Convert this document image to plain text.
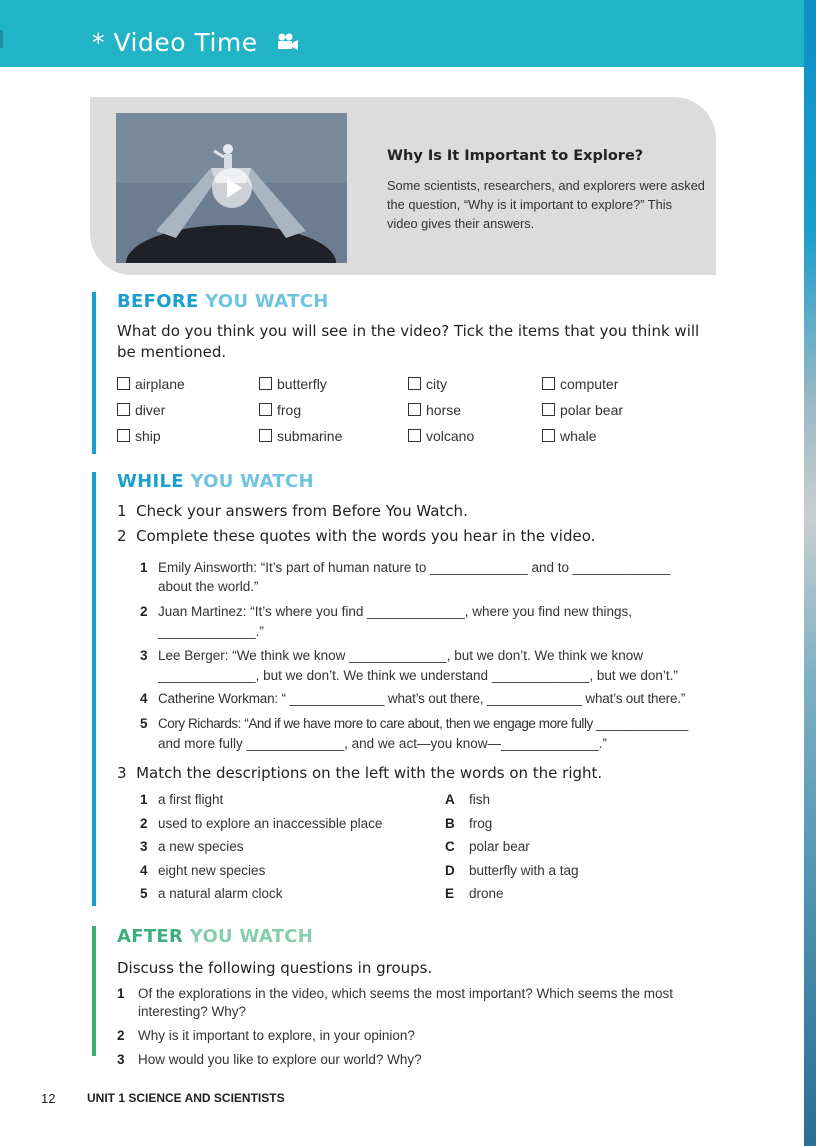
* Video Time
Why Is It Important to Explore?

Some scientists, researchers, and explorers were asked the question, “Why is it important to explore?” This video gives their answers.

BEFORE YOU WATCH

What do you think you will see in the video? Tick the items that you think will

be mentioned.

airplane	butterfly	city	computer
diver	frog	horse	polar bear
ship	submarine	volcano	whale
WHILE YOU WATCH
1 Check your answers from Before You Watch.
2 Complete these quotes with the words you hear in the video.
1 Emily Ainsworth: “It’s part of human nature to _____________ and to _____________
about the world.”
2 Juan Martinez: “It’s where you find _____________, where you find new things,
_____________.”
3 Lee Berger: “We think we know _____________, but we don’t. We think we know
_____________, but we don’t. We think we understand _____________, but we don’t.”
4 Catherine Workman: “ _____________ what’s out there, _____________ what’s out there.”
5 Cory Richards: “And if we have more to care about, then we engage more fully _____________
and more fully _____________, and we act—you know—_____________.”
3 Match the descriptions on the left with the words on the right.
1 a first flight	A fish
2 used to explore an inaccessible place	B frog
3 a new species	C polar bear
4 eight new species	D butterfly with a tag
5 a natural alarm clock	E drone
AFTER YOU WATCH
Discuss the following questions in groups.
1 Of the explorations in the video, which seems the most important? Which seems the most
interesting? Why?
2 Why is it important to explore, in your opinion?
3 How would you like to explore our world? Why?
12	UNIT 1 SCIENCE AND SCIENTISTS
